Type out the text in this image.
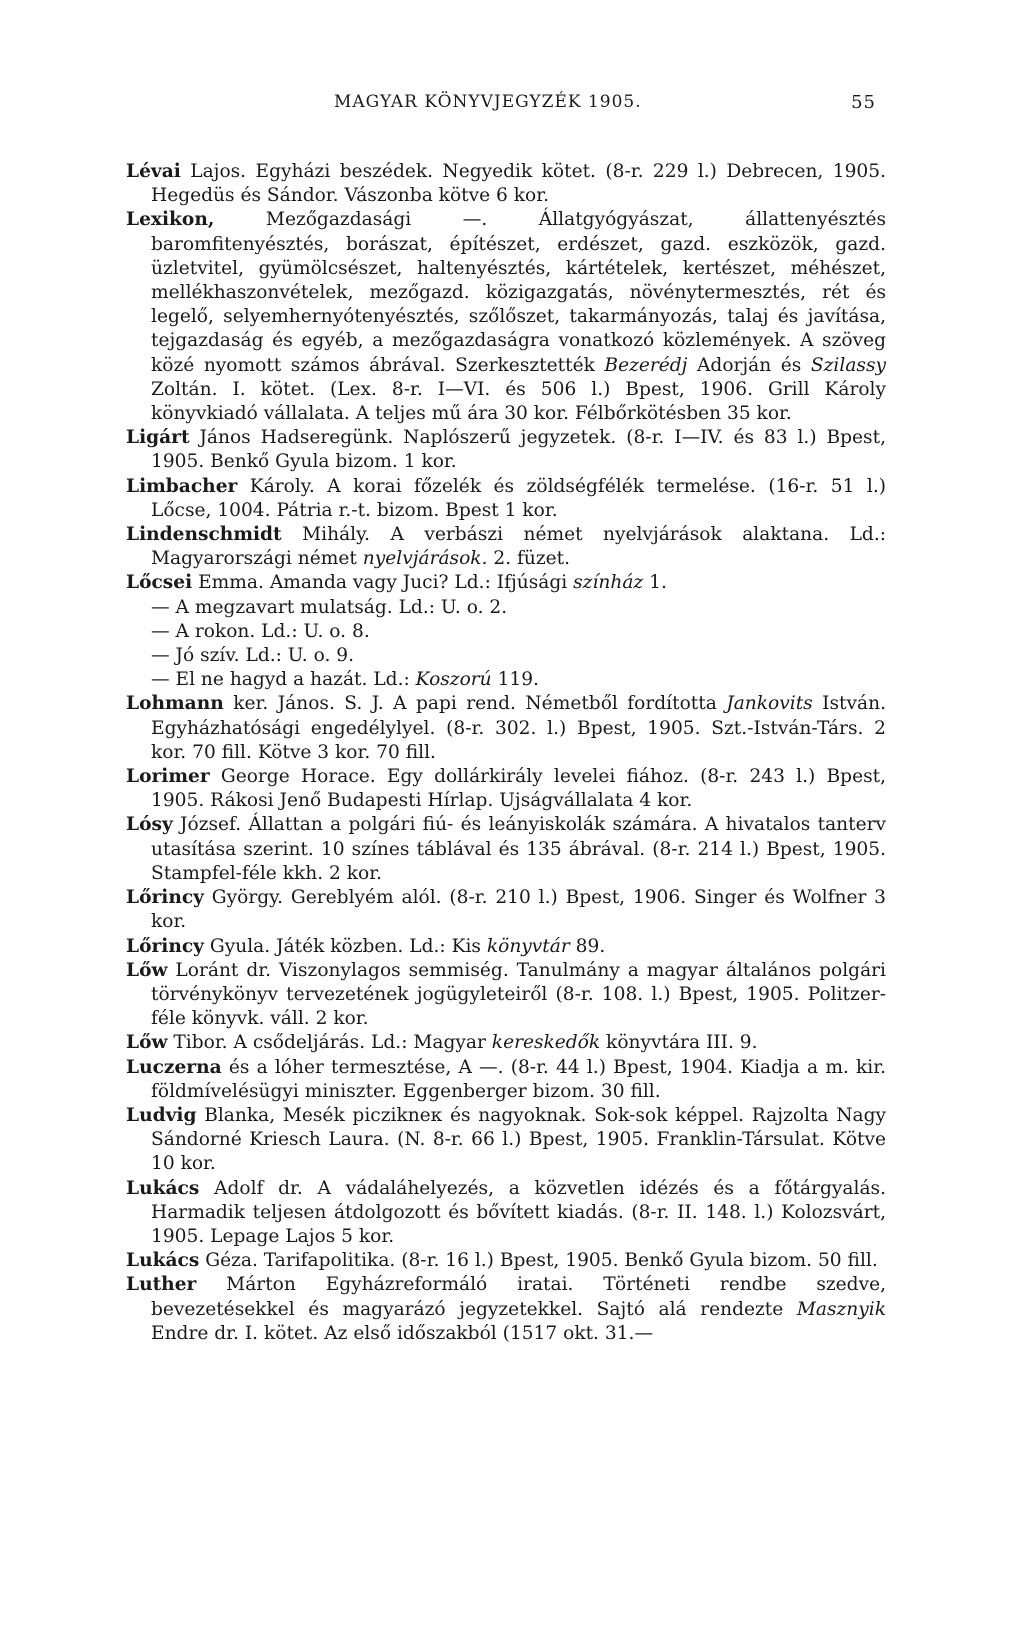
MAGYAR KÖNYVJEGYZÉK 1905.	55
Lévai Lajos. Egyházi beszédek. Negyedik kötet. (8-r. 229 l.) Debrecen, 1905. Hegedüs és Sándor. Vászonba kötve 6 kor.
Lexikon, Mezőgazdasági —. Állatgyógyászat, állattenyésztés baromfitenyésztés, borászat, építészet, erdészet, gazd. eszközök, gazd. üzletvitel, gyümölcsészet, haltenyésztés, kártételek, kertészet, méhészet, mellékhaszonvételek, mezőgazd. közigazgatás, növénytermesztés, rét és legelő, selyemhernyótenyésztés, szőlőszet, takarmányozás, talaj és javítása, tejgazdaság és egyéb, a mezőgazdaságra vonatkozó közlemények. A szöveg közé nyomott számos ábrával. Szerkesztették Bezerédj Adorján és Szilassy Zoltán. I. kötet. (Lex. 8-r. I—VI. és 506 l.) Bpest, 1906. Grill Károly könyvkiadó vállalata. A teljes mű ára 30 kor. Félbőrkötésben 35 kor.
Ligárt János Hadseregünk. Naplószerű jegyzetek. (8-r. I—IV. és 83 l.) Bpest, 1905. Benkő Gyula bizom. 1 kor.
Limbacher Károly. A korai főzelék és zöldségfélék termelése. (16-r. 51 l.) Lőcse, 1004. Pátria r.-t. bizom. Bpest 1 kor.
Lindenschmidt Mihály. A verbászi német nyelvjárások alaktana. Ld.: Magyarországi német nyelvjárások. 2. füzet.
Lőcsei Emma. Amanda vagy Juci? Ld.: Ifjúsági színház 1.
— A megzavart mulatság. Ld.: U. o. 2.
— A rokon. Ld.: U. o. 8.
— Jó szív. Ld.: U. o. 9.
— El ne hagyd a hazát. Ld.: Koszorú 119.
Lohmann ker. János. S. J. A papi rend. Németből fordította Jankovits István. Egyházhatósági engedélylyel. (8-r. 302. l.) Bpest, 1905. Szt.-István-Társ. 2 kor. 70 fill. Kötve 3 kor. 70 fill.
Lorimer George Horace. Egy dollárkirály levelei fiához. (8-r. 243 l.) Bpest, 1905. Rákosi Jenő Budapesti Hírlap. Ujságvállalata 4 kor.
Lósy József. Állattan a polgári fiú- és leányiskolák számára. A hivatalos tanterv utasítása szerint. 10 színes táblával és 135 ábrával. (8-r. 214 l.) Bpest, 1905. Stampfel-féle kkh. 2 kor.
Lőrincy György. Gereblyém alól. (8-r. 210 l.) Bpest, 1906. Singer és Wolfner 3 kor.
Lőrincy Gyula. Játék közben. Ld.: Kis könyvtár 89.
Lőw Loránt dr. Viszonylagos semmiség. Tanulmány a magyar általános polgári törvénykönyv tervezetének jogügyleteiről (8-r. 108. l.) Bpest, 1905. Politzer-féle könyvk. váll. 2 kor.
Lőw Tibor. A csődeljárás. Ld.: Magyar kereskedők könyvtára III. 9.
Luczerna és a lóher termesztése, A —. (8-r. 44 l.) Bpest, 1904. Kiadja a m. kir. földmívelésügyi miniszter. Eggenberger bizom. 30 fill.
Ludvig Blanka, Mesék piczikneк és nagyoknak. Sok-sok képpel. Rajzolta Nagy Sándorné Kriesch Laura. (N. 8-r. 66 l.) Bpest, 1905. Franklin-Társulat. Kötve 10 kor.
Lukács Adolf dr. A vádaláhelyezés, a közvetlen idézés és a főtárgyalás. Harmadik teljesen átdolgozott és bővített kiadás. (8-r. II. 148. l.) Kolozsvárt, 1905. Lepage Lajos 5 kor.
Lukács Géza. Tarifapolitika. (8-r. 16 l.) Bpest, 1905. Benkő Gyula bizom. 50 fill.
Luther Márton Egyházreformáló iratai. Történeti rendbe szedve, bevezetésekkel és magyarázó jegyzetekkel. Sajtó alá rendezte Masznyik Endre dr. I. kötet. Az első időszakból (1517 okt. 31.—
